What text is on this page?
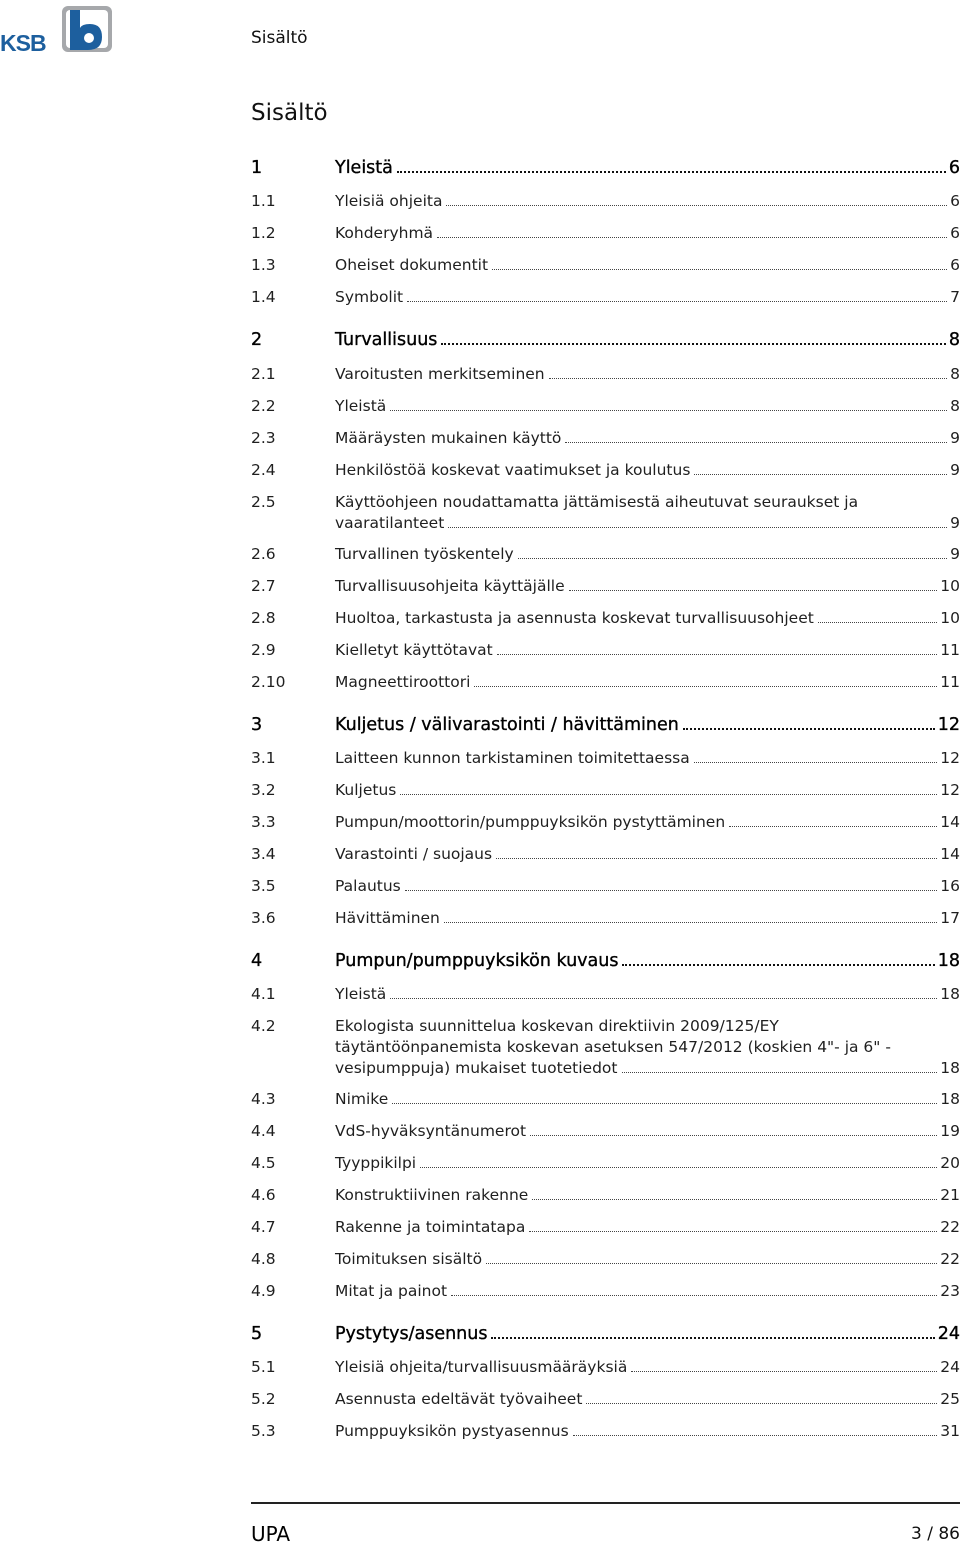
KSB	Sisältö
Sisältö
1	Yleistä	6
1.1	Yleisiä ohjeita	6
1.2	Kohderyhmä	6
1.3	Oheiset dokumentit	6
1.4	Symbolit	7
2	Turvallisuus	8
2.1	Varoitusten merkitseminen	8
2.2	Yleistä	8
2.3	Määräysten mukainen käyttö	9
2.4	Henkilöstöä koskevat vaatimukset ja koulutus	9
2.5	Käyttöohjeen noudattamatta jättämisestä aiheutuvat seuraukset ja
vaaratilanteet	9
2.6	Turvallinen työskentely	9
2.7	Turvallisuusohjeita käyttäjälle	10
2.8	Huoltoa, tarkastusta ja asennusta koskevat turvallisuusohjeet	10
2.9	Kielletyt käyttötavat	11
2.10	Magneettiroottori	11
3	Kuljetus / välivarastointi / hävittäminen	12
3.1	Laitteen kunnon tarkistaminen toimitettaessa	12
3.2	Kuljetus	12
3.3	Pumpun/moottorin/pumppuyksikön pystyttäminen	14
3.4	Varastointi / suojaus	14
3.5	Palautus	16
3.6	Hävittäminen	17
4	Pumpun/pumppuyksikön kuvaus	18
4.1	Yleistä	18
4.2	Ekologista suunnittelua koskevan direktiivin 2009/125/EY
täytäntöönpanemista koskevan asetuksen 547/2012 (koskien 4"- ja 6" -
vesipumppuja) mukaiset tuotetiedot	18
4.3	Nimike	18
4.4	VdS-hyväksyntänumerot	19
4.5	Tyyppikilpi	20
4.6	Konstruktiivinen rakenne	21
4.7	Rakenne ja toimintatapa	22
4.8	Toimituksen sisältö	22
4.9	Mitat ja painot	23
5	Pystytys/asennus	24
5.1	Yleisiä ohjeita/turvallisuusmääräyksiä	24
5.2	Asennusta edeltävät työvaiheet	25
5.3	Pumppuyksikön pystyasennus	31
UPA	3 / 86
